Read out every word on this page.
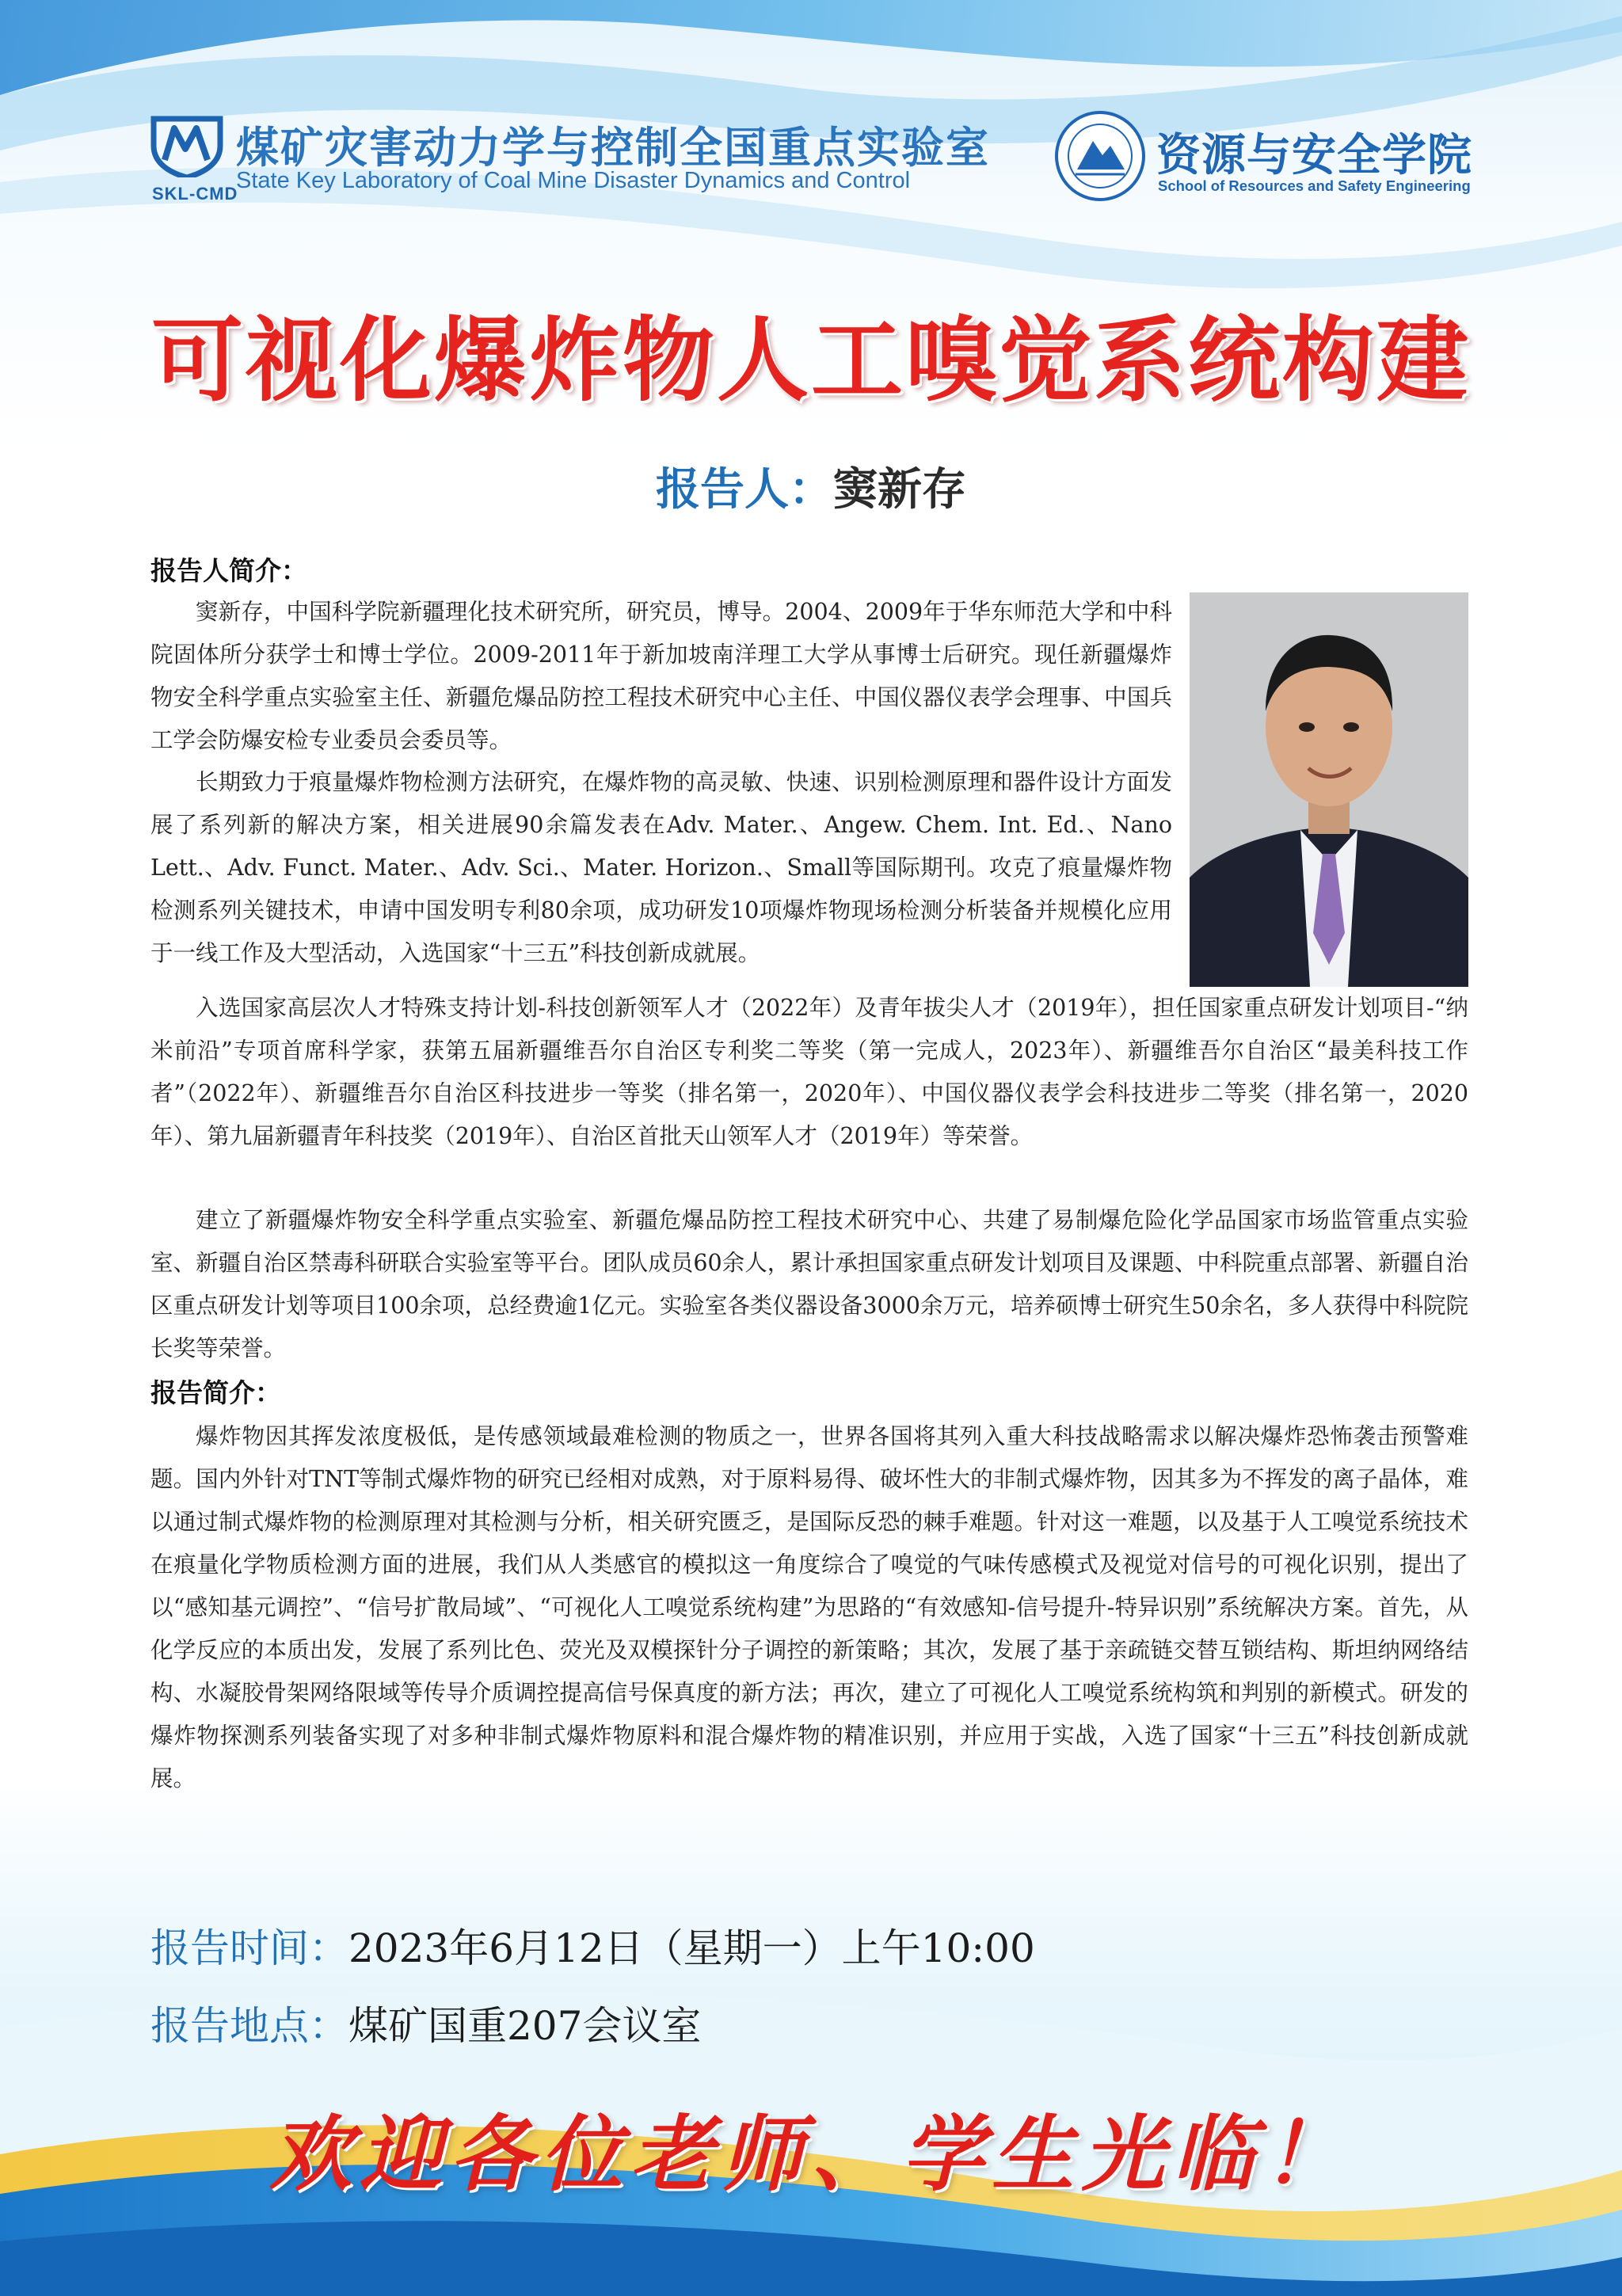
SKL-CMD
煤矿灾害动力学与控制全国重点实验室
State Key Laboratory of Coal Mine Disaster Dynamics and Control	资源与安全学院
School of Resources and Safety Engineering
可视化爆炸物人工嗅觉系统构建
报告人：窦新存
报告人简介：
窦新存，中国科学院新疆理化技术研究所，研究员，博导。2004、2009年于华东师范大学和中科院固体所分获学士和博士学位。2009-2011年于新加坡南洋理工大学从事博士后研究。现任新疆爆炸物安全科学重点实验室主任、新疆危爆品防控工程技术研究中心主任、中国仪器仪表学会理事、中国兵工学会防爆安检专业委员会委员等。
长期致力于痕量爆炸物检测方法研究，在爆炸物的高灵敏、快速、识别检测原理和器件设计方面发展了系列新的解决方案，相关进展90余篇发表在Adv. Mater.、Angew. Chem. Int. Ed.、Nano Lett.、Adv. Funct. Mater.、Adv. Sci.、Mater. Horizon.、Small等国际期刊。攻克了痕量爆炸物检测系列关键技术，申请中国发明专利80余项，成功研发10项爆炸物现场检测分析装备并规模化应用于一线工作及大型活动，入选国家“十三五”科技创新成就展。
入选国家高层次人才特殊支持计划-科技创新领军人才（2022年）及青年拔尖人才（2019年），担任国家重点研发计划项目-“纳米前沿”专项首席科学家，获第五届新疆维吾尔自治区专利奖二等奖（第一完成人，2023年）、新疆维吾尔自治区“最美科技工作者”（2022年）、新疆维吾尔自治区科技进步一等奖（排名第一，2020年）、中国仪器仪表学会科技进步二等奖（排名第一，2020年）、第九届新疆青年科技奖（2019年）、自治区首批天山领军人才（2019年）等荣誉。
建立了新疆爆炸物安全科学重点实验室、新疆危爆品防控工程技术研究中心、共建了易制爆危险化学品国家市场监管重点实验室、新疆自治区禁毒科研联合实验室等平台。团队成员60余人，累计承担国家重点研发计划项目及课题、中科院重点部署、新疆自治区重点研发计划等项目100余项，总经费逾1亿元。实验室各类仪器设备3000余万元，培养硕博士研究生50余名，多人获得中科院院长奖等荣誉。
报告简介：
爆炸物因其挥发浓度极低，是传感领域最难检测的物质之一，世界各国将其列入重大科技战略需求以解决爆炸恐怖袭击预警难题。国内外针对TNT等制式爆炸物的研究已经相对成熟，对于原料易得、破坏性大的非制式爆炸物，因其多为不挥发的离子晶体，难以通过制式爆炸物的检测原理对其检测与分析，相关研究匮乏，是国际反恐的棘手难题。针对这一难题，以及基于人工嗅觉系统技术在痕量化学物质检测方面的进展，我们从人类感官的模拟这一角度综合了嗅觉的气味传感模式及视觉对信号的可视化识别，提出了以“感知基元调控”、“信号扩散局域”、“可视化人工嗅觉系统构建”为思路的“有效感知-信号提升-特异识别”系统解决方案。首先，从化学反应的本质出发，发展了系列比色、荧光及双模探针分子调控的新策略；其次，发展了基于亲疏链交替互锁结构、斯坦纳网络结构、水凝胶骨架网络限域等传导介质调控提高信号保真度的新方法；再次，建立了可视化人工嗅觉系统构筑和判别的新模式。研发的爆炸物探测系列装备实现了对多种非制式爆炸物原料和混合爆炸物的精准识别，并应用于实战，入选了国家“十三五”科技创新成就展。
报告时间：2023年6月12日（星期一）上午10:00
报告地点：煤矿国重207会议室
欢迎各位老师、学生光临！
